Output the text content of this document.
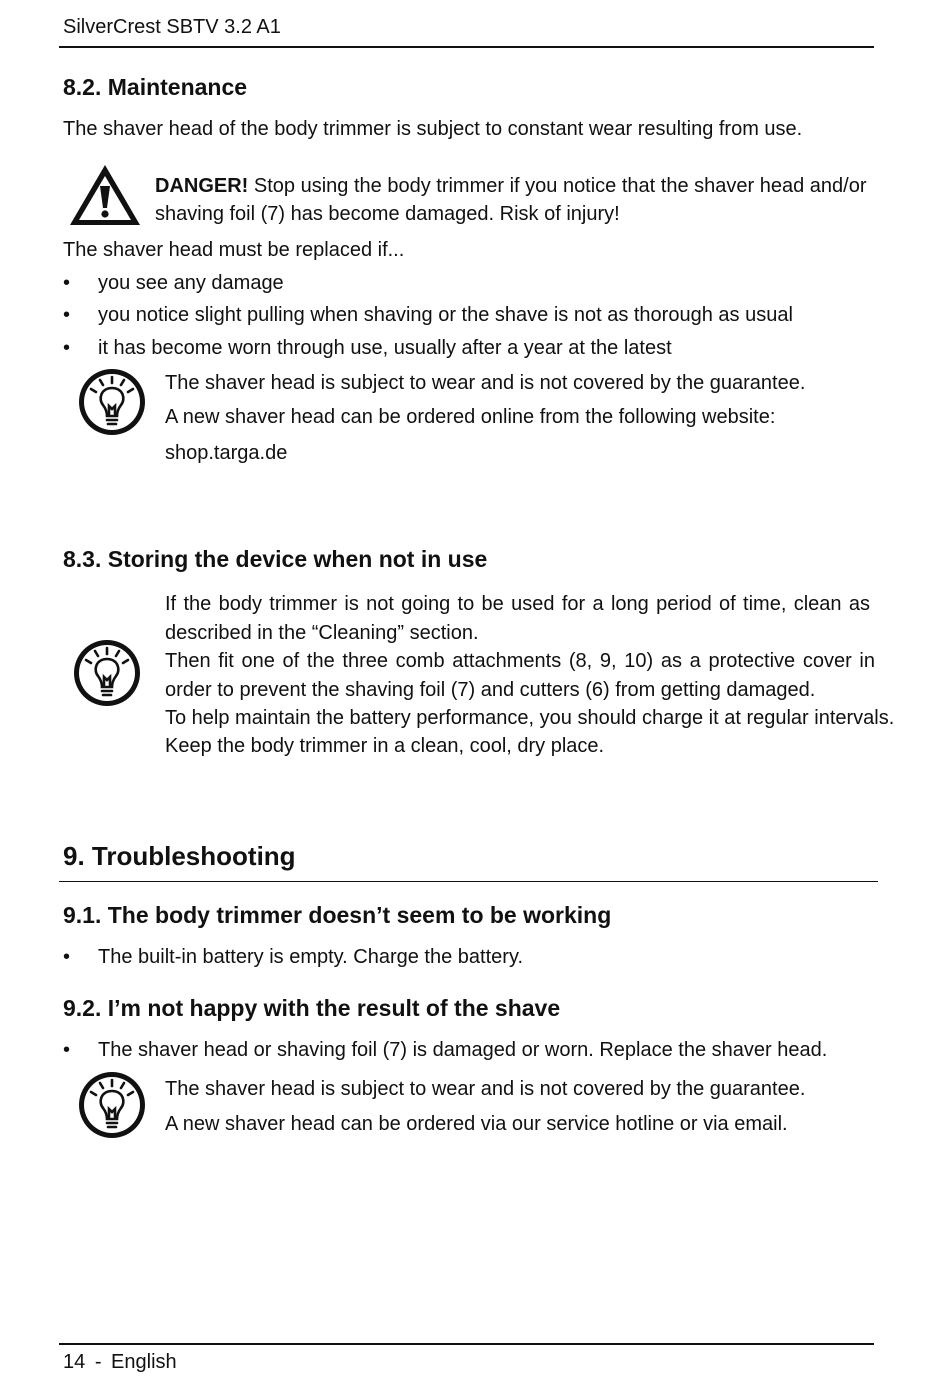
SilverCrest SBTV 3.2 A1
8.2. Maintenance
The shaver head of the body trimmer is subject to constant wear resulting from use.
DANGER! Stop using the body trimmer if you notice that the shaver head and/or
shaving foil (7) has become damaged. Risk of injury!
The shaver head must be replaced if...
• you see any damage
• you notice slight pulling when shaving or the shave is not as thorough as usual
• it has become worn through use, usually after a year at the latest
The shaver head is subject to wear and is not covered by the guarantee.
A new shaver head can be ordered online from the following website:
shop.targa.de
8.3. Storing the device when not in use
If the body trimmer is not going to be used for a long period of time, clean as described in the “Cleaning” section.
Then fit one of the three comb attachments (8, 9, 10) as a protective cover in order to prevent the shaving foil (7) and cutters (6) from getting damaged.
To help maintain the battery performance, you should charge it at regular intervals.
Keep the body trimmer in a clean, cool, dry place.
9. Troubleshooting
9.1. The body trimmer doesn’t seem to be working
• The built-in battery is empty. Charge the battery.
9.2. I’m not happy with the result of the shave
• The shaver head or shaving foil (7) is damaged or worn. Replace the shaver head.
The shaver head is subject to wear and is not covered by the guarantee.
A new shaver head can be ordered via our service hotline or via email.
14 - English
